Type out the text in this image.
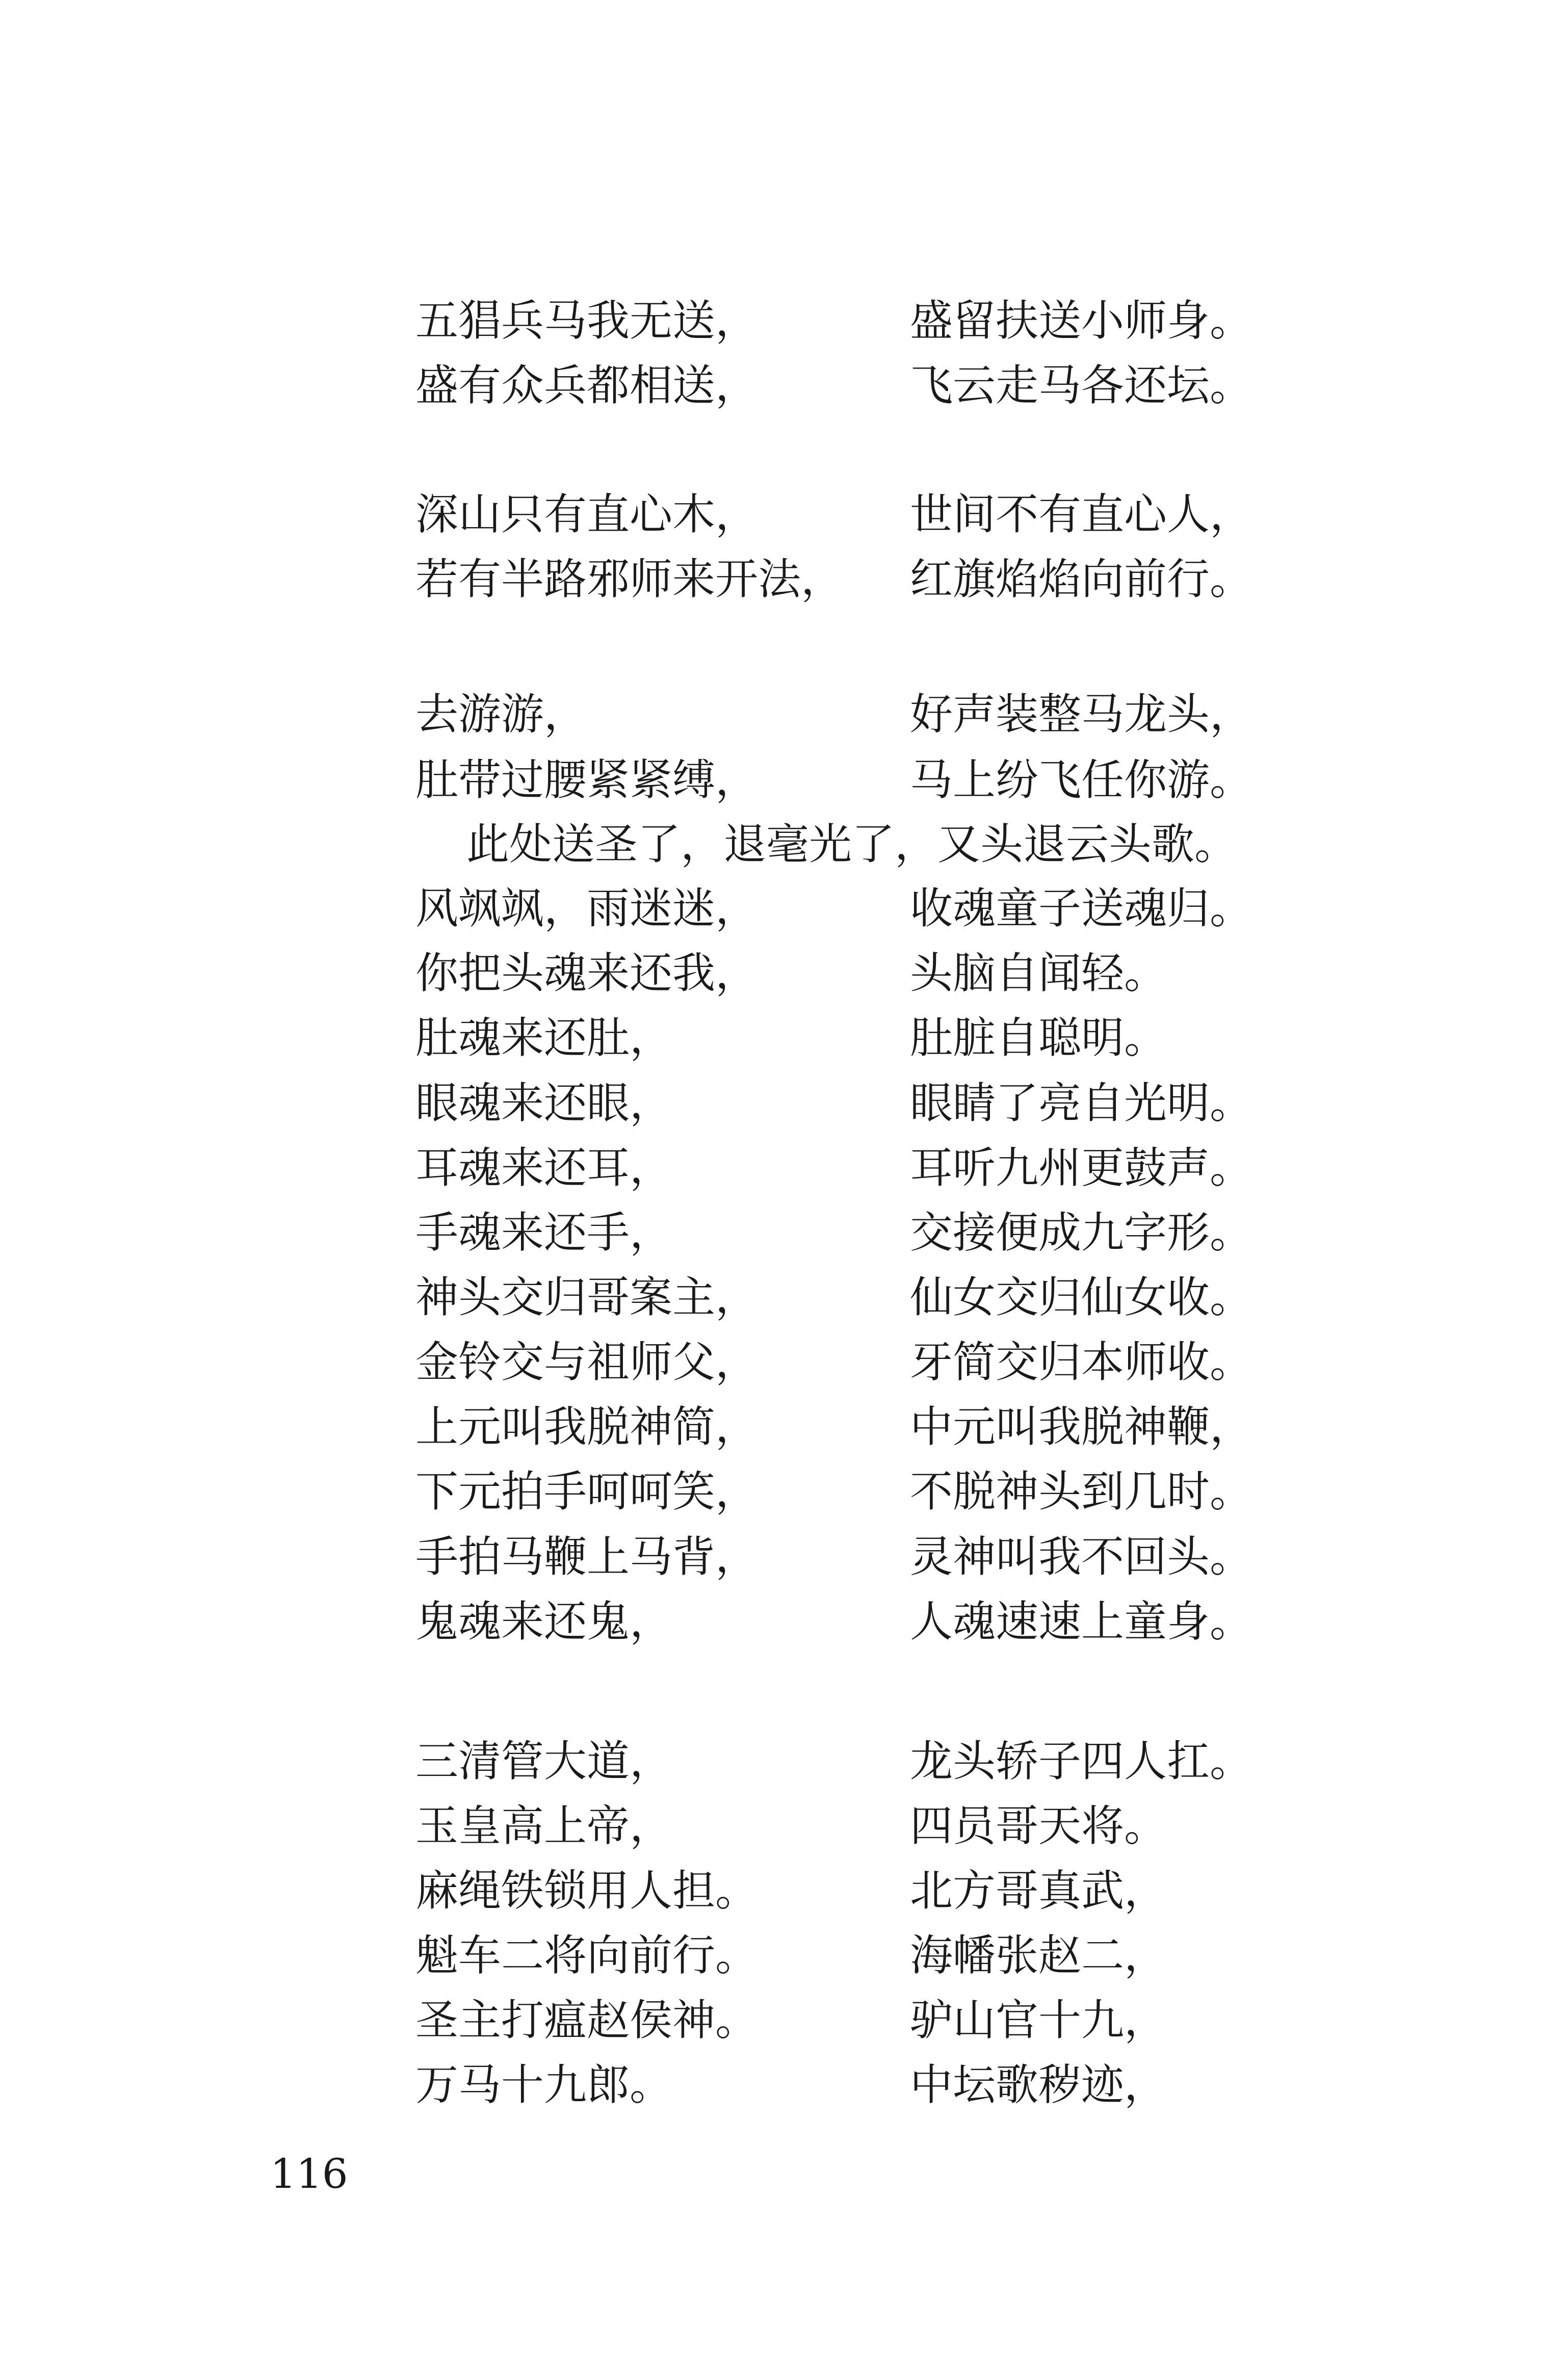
五猖兵马我无送，	盛留扶送小师身。
盛有众兵都相送，	飞云走马各还坛。
深山只有直心木，	世间不有直心人，
若有半路邪师来开法， 红旗焰焰向前行。
去游游，	好声装整马龙头，
肚带过腰紧紧缚，	马上纷飞任你游。
此处送圣了，退毫光了，又头退云头歌。
风飒飒，雨迷迷，	收魂童子送魂归。
你把头魂来还我，	头脑自闻轻。
肚魂来还肚，	肚脏自聪明。
眼魂来还眼，	眼睛了亮自光明。
耳魂来还耳，	耳听九州更鼓声。
手魂来还手，	交接便成九字形。
神头交归哥案主，	仙女交归仙女收。
金铃交与祖师父，	牙简交归本师收。
上元叫我脱神简，	中元叫我脱神鞭，
下元拍手呵呵笑，	不脱神头到几时。
手拍马鞭上马背，	灵神叫我不回头。
鬼魂来还鬼，	人魂速速上童身。
三清管大道，	龙头轿子四人扛。
玉皇高上帝，	四员哥天将。
麻绳铁锁用人担。	北方哥真武，
魁车二将向前行。	海幡张赵二，
圣主打瘟赵侯神。	驴山官十九，
万马十九郎。	中坛歌秽迹，
116
